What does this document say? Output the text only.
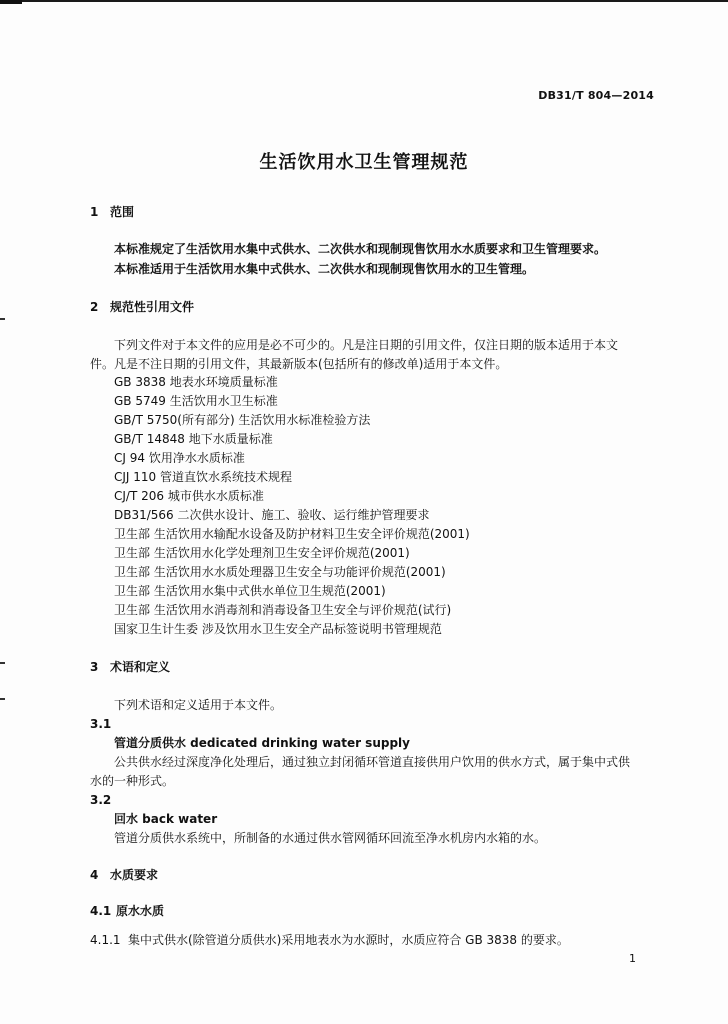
DB31/T 804—2014
生活饮用水卫生管理规范
1 范围
本标准规定了生活饮用水集中式供水、二次供水和现制现售饮用水水质要求和卫生管理要求。
本标准适用于生活饮用水集中式供水、二次供水和现制现售饮用水的卫生管理。
2 规范性引用文件
下列文件对于本文件的应用是必不可少的。凡是注日期的引用文件，仅注日期的版本适用于本文
件。凡是不注日期的引用文件，其最新版本(包括所有的修改单)适用于本文件。
GB 3838 地表水环境质量标准
GB 5749 生活饮用水卫生标准
GB/T 5750(所有部分) 生活饮用水标准检验方法
GB/T 14848 地下水质量标准
CJ 94 饮用净水水质标准
CJJ 110 管道直饮水系统技术规程
CJ/T 206 城市供水水质标准
DB31/566 二次供水设计、施工、验收、运行维护管理要求
卫生部 生活饮用水输配水设备及防护材料卫生安全评价规范(2001)
卫生部 生活饮用水化学处理剂卫生安全评价规范(2001)
卫生部 生活饮用水水质处理器卫生安全与功能评价规范(2001)
卫生部 生活饮用水集中式供水单位卫生规范(2001)
卫生部 生活饮用水消毒剂和消毒设备卫生安全与评价规范(试行)
国家卫生计生委 涉及饮用水卫生安全产品标签说明书管理规范
3 术语和定义
下列术语和定义适用于本文件。
3.1
管道分质供水 dedicated drinking water supply
公共供水经过深度净化处理后，通过独立封闭循环管道直接供用户饮用的供水方式，属于集中式供
水的一种形式。
3.2
回水 back water
管道分质供水系统中，所制备的水通过供水管网循环回流至净水机房内水箱的水。
4 水质要求
4.1 原水水质
4.1.1 集中式供水(除管道分质供水)采用地表水为水源时，水质应符合 GB 3838 的要求。
1
